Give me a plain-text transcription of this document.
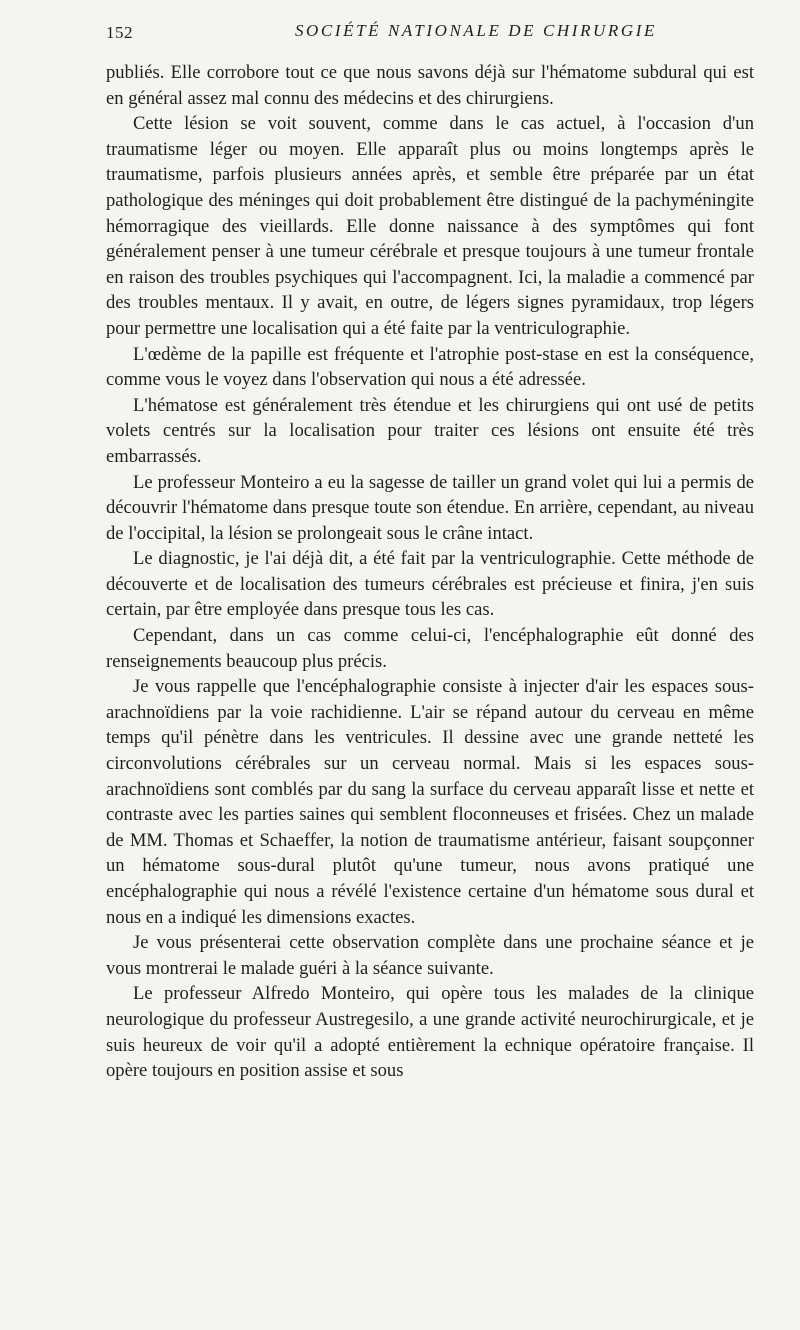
152	SOCIÉTÉ NATIONALE DE CHIRURGIE

publiés. Elle corrobore tout ce que nous savons déjà sur l'hématome subdural qui est en général assez mal connu des médecins et des chirurgiens.

Cette lésion se voit souvent, comme dans le cas actuel, à l'occasion d'un traumatisme léger ou moyen. Elle apparaît plus ou moins longtemps après le traumatisme, parfois plusieurs années après, et semble être préparée par un état pathologique des méninges qui doit probablement être distingué de la pachyméningite hémorragique des vieillards. Elle donne naissance à des symptômes qui font généralement penser à une tumeur cérébrale et presque toujours à une tumeur frontale en raison des troubles psychiques qui l'accompagnent. Ici, la maladie a commencé par des troubles mentaux. Il y avait, en outre, de légers signes pyramidaux, trop légers pour permettre une localisation qui a été faite par la ventriculographie.

L'œdème de la papille est fréquente et l'atrophie post-stase en est la conséquence, comme vous le voyez dans l'observation qui nous a été adressée.

L'hématose est généralement très étendue et les chirurgiens qui ont usé de petits volets centrés sur la localisation pour traiter ces lésions ont ensuite été très embarrassés.

Le professeur Monteiro a eu la sagesse de tailler un grand volet qui lui a permis de découvrir l'hématome dans presque toute son étendue. En arrière, cependant, au niveau de l'occipital, la lésion se prolongeait sous le crâne intact.

Le diagnostic, je l'ai déjà dit, a été fait par la ventriculographie. Cette méthode de découverte et de localisation des tumeurs cérébrales est précieuse et finira, j'en suis certain, par être employée dans presque tous les cas.

Cependant, dans un cas comme celui-ci, l'encéphalographie eût donné des renseignements beaucoup plus précis.

Je vous rappelle que l'encéphalographie consiste à injecter d'air les espaces sous-arachnoïdiens par la voie rachidienne. L'air se répand autour du cerveau en même temps qu'il pénètre dans les ventricules. Il dessine avec une grande netteté les circonvolutions cérébrales sur un cerveau normal. Mais si les espaces sous-arachnoïdiens sont comblés par du sang la surface du cerveau apparaît lisse et nette et contraste avec les parties saines qui semblent floconneuses et frisées. Chez un malade de MM. Thomas et Schaeffer, la notion de traumatisme antérieur, faisant soupçonner un hématome sous-dural plutôt qu'une tumeur, nous avons pratiqué une encéphalographie qui nous a révélé l'existence certaine d'un hématome sous dural et nous en a indiqué les dimensions exactes.

Je vous présenterai cette observation complète dans une prochaine séance et je vous montrerai le malade guéri à la séance suivante.

Le professeur Alfredo Monteiro, qui opère tous les malades de la clinique neurologique du professeur Austregesilo, a une grande activité neurochirurgicale, et je suis heureux de voir qu'il a adopté entièrement la echnique opératoire française. Il opère toujours en position assise et sous
